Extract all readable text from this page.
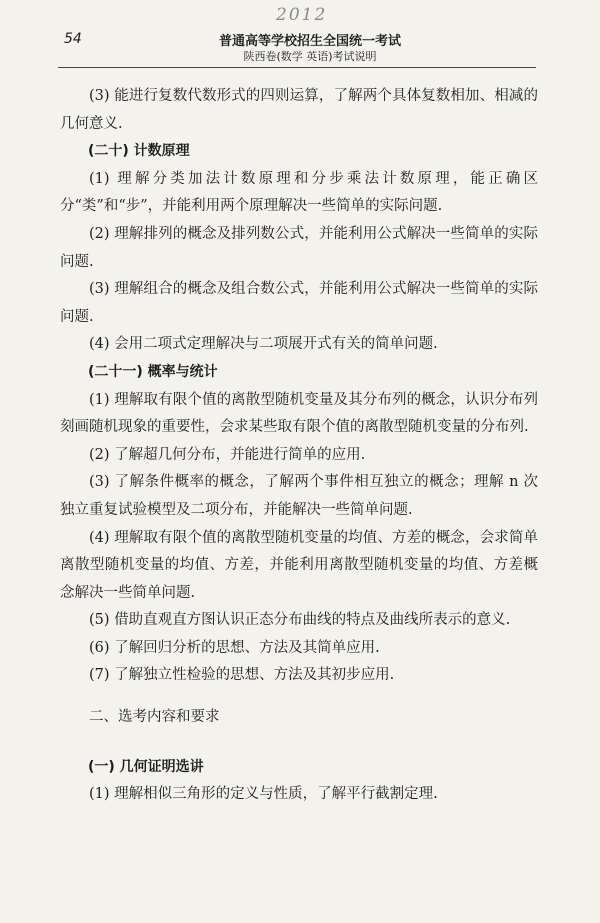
2012
54	普通高等学校招生全国统一考试
陕西卷(数学 英语)考试说明

(3) 能进行复数代数形式的四则运算，了解两个具体复数相加、相减的几何意义.

(二十) 计数原理

(1) 理解分类加法计数原理和分步乘法计数原理，能正确区分“类”和“步”，并能利用两个原理解决一些简单的实际问题.

(2) 理解排列的概念及排列数公式，并能利用公式解决一些简单的实际问题.

(3) 理解组合的概念及组合数公式，并能利用公式解决一些简单的实际问题.

(4) 会用二项式定理解决与二项展开式有关的简单问题.

(二十一) 概率与统计

(1) 理解取有限个值的离散型随机变量及其分布列的概念，认识分布列刻画随机现象的重要性，会求某些取有限个值的离散型随机变量的分布列.

(2) 了解超几何分布，并能进行简单的应用.

(3) 了解条件概率的概念，了解两个事件相互独立的概念；理解 n 次独立重复试验模型及二项分布，并能解决一些简单问题.

(4) 理解取有限个值的离散型随机变量的均值、方差的概念，会求简单离散型随机变量的均值、方差，并能利用离散型随机变量的均值、方差概念解决一些简单问题.

(5) 借助直观直方图认识正态分布曲线的特点及曲线所表示的意义.

(6) 了解回归分析的思想、方法及其简单应用.

(7) 了解独立性检验的思想、方法及其初步应用.

二、选考内容和要求

(一) 几何证明选讲

(1) 理解相似三角形的定义与性质，了解平行截割定理.
